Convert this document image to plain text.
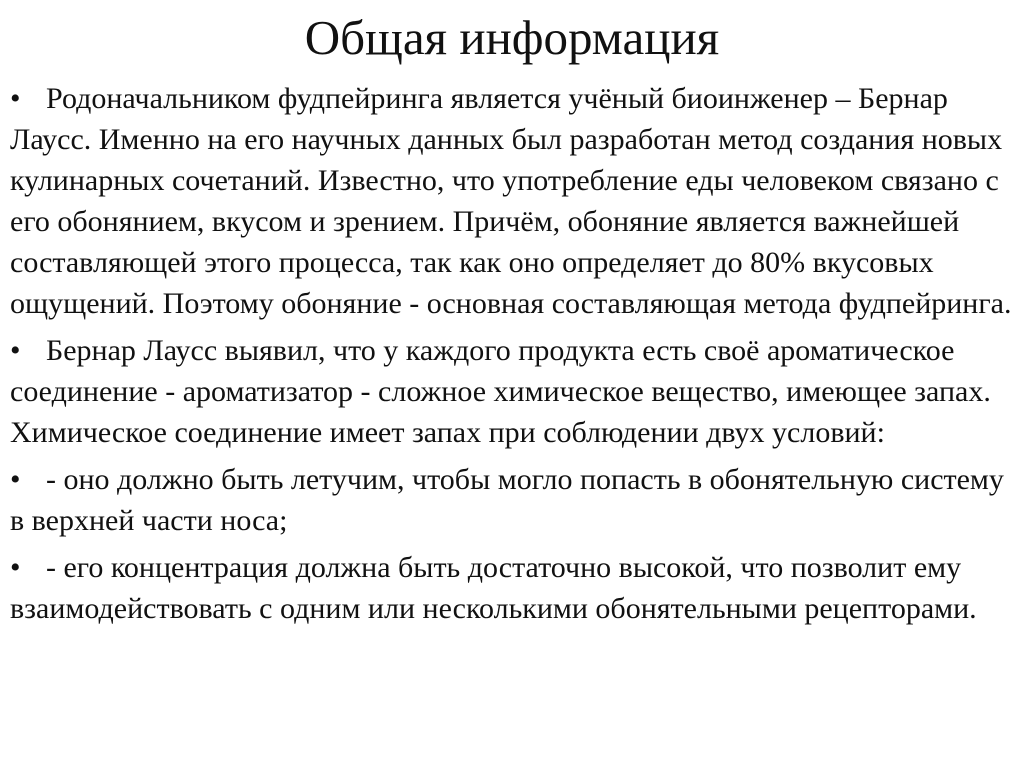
Общая информация
• Родоначальником фудпейринга является учёный биоинженер – Бернар Лаусс. Именно на его научных данных был разработан метод создания новых кулинарных сочетаний. Известно, что употребление еды человеком связано с его обонянием, вкусом и зрением. Причём, обоняние является важнейшей составляющей этого процесса, так как оно определяет до 80% вкусовых ощущений. Поэтому обоняние - основная составляющая метода фудпейринга.
• Бернар Лаусс выявил, что у каждого продукта есть своё ароматическое соединение - ароматизатор - сложное химическое вещество, имеющее запах. Химическое соединение имеет запах при соблюдении двух условий:
• - оно должно быть летучим, чтобы могло попасть в обонятельную систему в верхней части носа;
• - его концентрация должна быть достаточно высокой, что позволит ему взаимодействовать с одним или несколькими обонятельными рецепторами.
